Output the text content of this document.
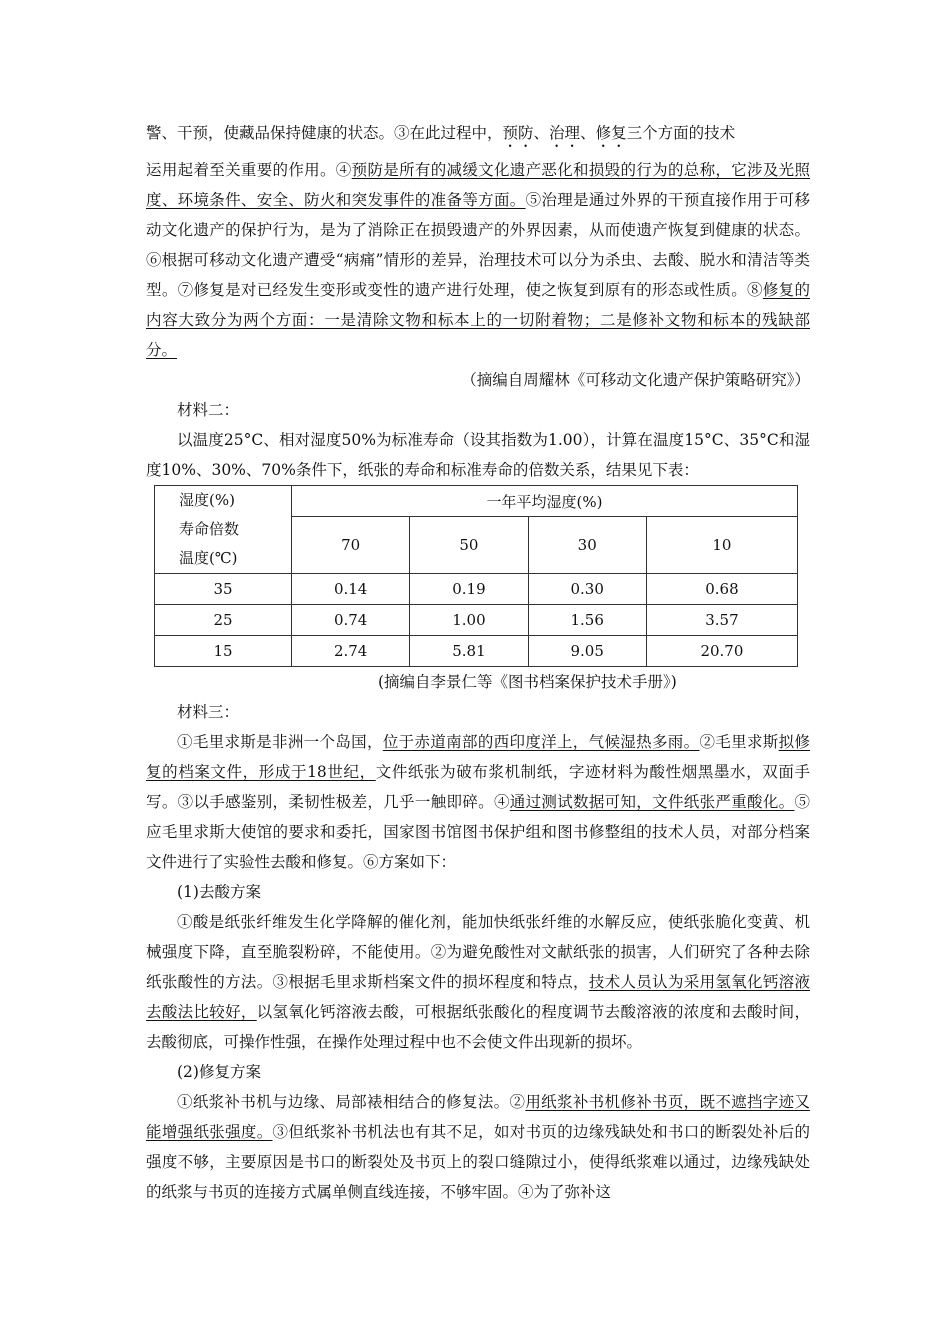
警、干预，使藏品保持健康的状态。③在此过程中，预防、治理、修复三个方面的技术

运用起着至关重要的作用。④预防是所有的减缓文化遗产恶化和损毁的行为的总称，它涉及光照度、环境条件、安全、防火和突发事件的准备等方面。⑤治理是通过外界的干预直接作用于可移动文化遗产的保护行为，是为了消除正在损毁遗产的外界因素，从而使遗产恢复到健康的状态。⑥根据可移动文化遗产遭受“病痛”情形的差异，治理技术可以分为杀虫、去酸、脱水和清洁等类型。⑦修复是对已经发生变形或变性的遗产进行处理，使之恢复到原有的形态或性质。⑧修复的内容大致分为两个方面：一是清除文物和标本上的一切附着物；二是修补文物和标本的残缺部分。

（摘编自周耀林《可移动文化遗产保护策略研究》）

材料二：

以温度25°C、相对湿度50%为标准寿命（设其指数为1.00），计算在温度15°C、35°C和湿度10%、30%、70%条件下，纸张的寿命和标准寿命的倍数关系，结果见下表：

湿度(%)
寿命倍数
温度(℃)	一年平均湿度(%)			
	70	50	30	10
35	0.14	0.19	0.30	0.68
25	0.74	1.00	1.56	3.57
15	2.74	5.81	9.05	20.70

(摘编自李景仁等《图书档案保护技术手册》)

材料三：

①毛里求斯是非洲一个岛国，位于赤道南部的西印度洋上，气候湿热多雨。②毛里求斯拟修复的档案文件，形成于18世纪，文件纸张为破布浆机制纸，字迹材料为酸性烟黑墨水，双面手写。③以手感鉴别，柔韧性极差，几乎一触即碎。④通过测试数据可知，文件纸张严重酸化。⑤应毛里求斯大使馆的要求和委托，国家图书馆图书保护组和图书修整组的技术人员，对部分档案文件进行了实验性去酸和修复。⑥方案如下：

(1)去酸方案

①酸是纸张纤维发生化学降解的催化剂，能加快纸张纤维的水解反应，使纸张脆化变黄、机械强度下降，直至脆裂粉碎，不能使用。②为避免酸性对文献纸张的损害，人们研究了各种去除纸张酸性的方法。③根据毛里求斯档案文件的损坏程度和特点，技术人员认为采用氢氧化钙溶液去酸法比较好，以氢氧化钙溶液去酸，可根据纸张酸化的程度调节去酸溶液的浓度和去酸时间，去酸彻底，可操作性强，在操作处理过程中也不会使文件出现新的损坏。

(2)修复方案

①纸浆补书机与边缘、局部裱相结合的修复法。②用纸浆补书机修补书页，既不遮挡字迹又能增强纸张强度。③但纸浆补书机法也有其不足，如对书页的边缘残缺处和书口的断裂处补后的强度不够，主要原因是书口的断裂处及书页上的裂口缝隙过小，使得纸浆难以通过，边缘残缺处的纸浆与书页的连接方式属单侧直线连接，不够牢固。④为了弥补这
